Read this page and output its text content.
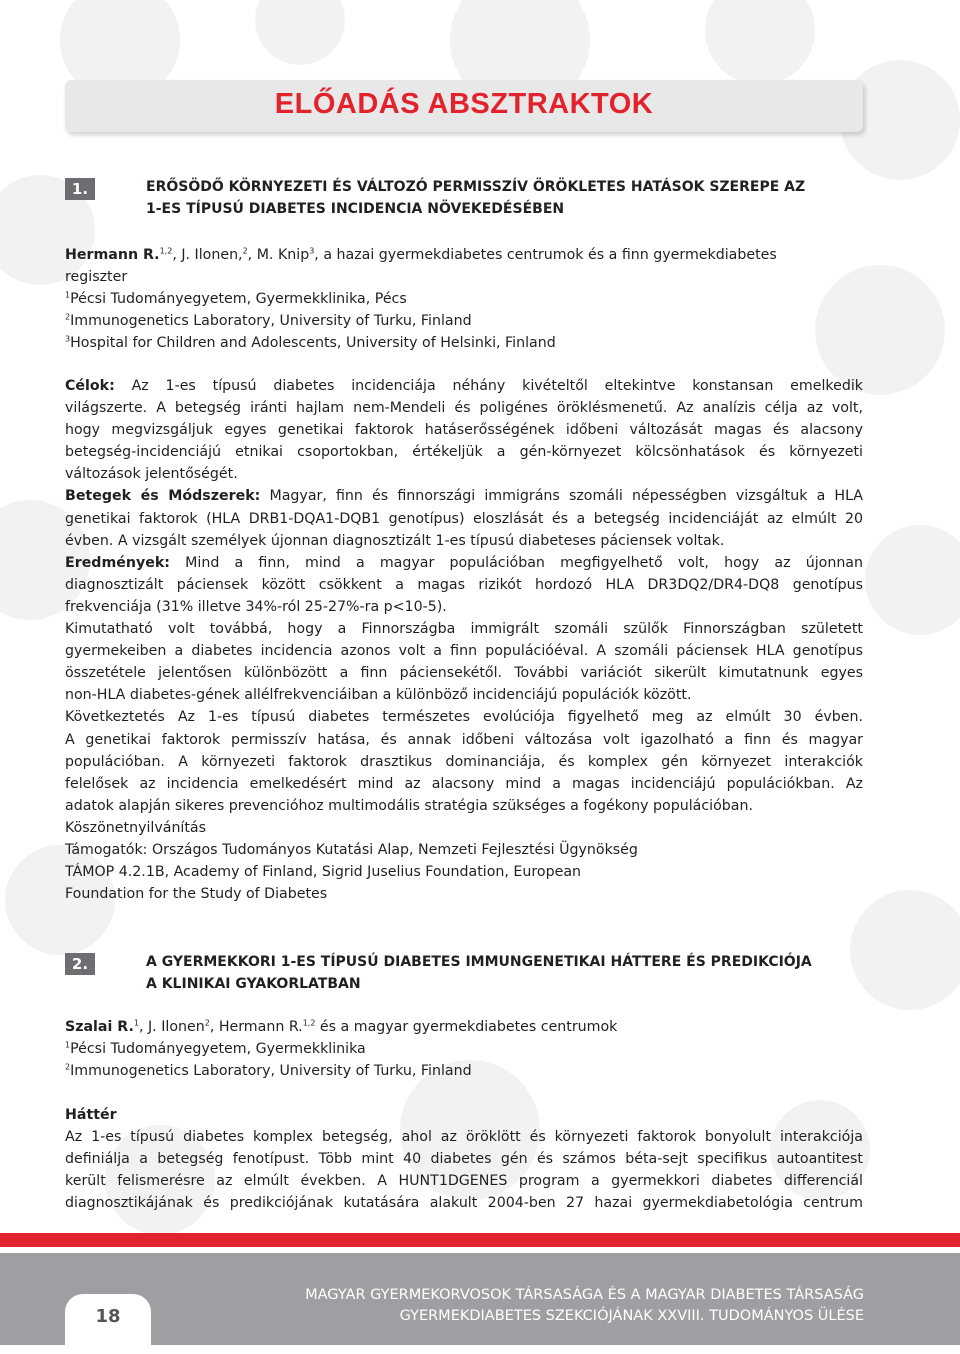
ELŐADÁS ABSZTRAKTOK
1.	ERŐSÖDŐ KÖRNYEZETI ÉS VÁLTOZÓ PERMISSZÍV ÖRÖKLETES HATÁSOK SZEREPE AZ
1-ES TÍPUSÚ DIABETES INCIDENCIA NÖVEKEDÉSÉBEN
Hermann R.$^{1,2}$, J. Ilonen,$^2$, M. Knip$^3$, a hazai gyermekdiabetes centrumok és a finn gyermekdiabetes
regiszter
$^1$Pécsi Tudományegyetem, Gyermekklinika, Pécs
$^2$Immunogenetics Laboratory, University of Turku, Finland
$^3$Hospital for Children and Adolescents, University of Helsinki, Finland
Célok: Az 1-es típusú diabetes incidenciája néhány kivételtől eltekintve konstansan emelkedik
világszerte. A betegség iránti hajlam nem-Mendeli és poligénes öröklésmenetű. Az analízis célja az volt,
hogy megvizsgáljuk egyes genetikai faktorok hatáserősségének időbeni változását magas és alacsony
betegség-incidenciájú etnikai csoportokban, értékeljük a gén-környezet kölcsönhatások és környezeti
változások jelentőségét.
Betegek és Módszerek: Magyar, finn és finnországi immigráns szomáli népességben vizsgáltuk a HLA
genetikai faktorok (HLA DRB1-DQA1-DQB1 genotípus) eloszlását és a betegség incidenciáját az elmúlt 20
évben. A vizsgált személyek újonnan diagnosztizált 1-es típusú diabeteses páciensek voltak.
Eredmények: Mind a finn, mind a magyar populációban megfigyelhető volt, hogy az újonnan
diagnosztizált páciensek között csökkent a magas rizikót hordozó HLA DR3DQ2/DR4-DQ8 genotípus
frekvenciája (31% illetve 34%-ról 25-27%-ra p<10-5).
Kimutatható volt továbbá, hogy a Finnországba immigrált szomáli szülők Finnországban született
gyermekeiben a diabetes incidencia azonos volt a finn populációéval. A szomáli páciensek HLA genotípus
összetétele jelentősen különbözött a finn páciensekétől. További variációt sikerült kimutatnunk egyes
non-HLA diabetes-gének allélfrekvenciáiban a különböző incidenciájú populációk között.
Következtetés Az 1-es típusú diabetes természetes evolúciója figyelhető meg az elmúlt 30 évben.
A genetikai faktorok permisszív hatása, és annak időbeni változása volt igazolható a finn és magyar
populációban. A környezeti faktorok drasztikus dominanciája, és komplex gén környezet interakciók
felelősek az incidencia emelkedésért mind az alacsony mind a magas incidenciájú populációkban. Az
adatok alapján sikeres prevencióhoz multimodális stratégia szükséges a fogékony populációban.
Köszönetnyilvánítás
Támogatók: Országos Tudományos Kutatási Alap, Nemzeti Fejlesztési Ügynökség
TÁMOP 4.2.1B, Academy of Finland, Sigrid Juselius Foundation, European
Foundation for the Study of Diabetes
2.	A GYERMEKKORI 1-ES TÍPUSÚ DIABETES IMMUNGENETIKAI HÁTTERE ÉS PREDIKCIÓJA
A KLINIKAI GYAKORLATBAN
Szalai R.$^1$, J. Ilonen$^2$, Hermann R.$^{1,2}$ és a magyar gyermekdiabetes centrumok
$^1$Pécsi Tudományegyetem, Gyermekklinika
$^2$Immunogenetics Laboratory, University of Turku, Finland
Háttér
Az 1-es típusú diabetes komplex betegség, ahol az öröklött és környezeti faktorok bonyolult interakciója
definiálja a betegség fenotípust. Több mint 40 diabetes gén és számos béta-sejt specifikus autoantitest
került felismerésre az elmúlt években. A HUNT1DGENES program a gyermekkori diabetes differenciál
diagnosztikájának és predikciójának kutatására alakult 2004-ben 27 hazai gyermekdiabetológia centrum
18
MAGYAR GYERMEKORVOSOK TÁRSASÁGA ÉS A MAGYAR DIABETES TÁRSASÁG
GYERMEKDIABETES SZEKCIÓJÁNAK XXVIII. TUDOMÁNYOS ÜLÉSE
